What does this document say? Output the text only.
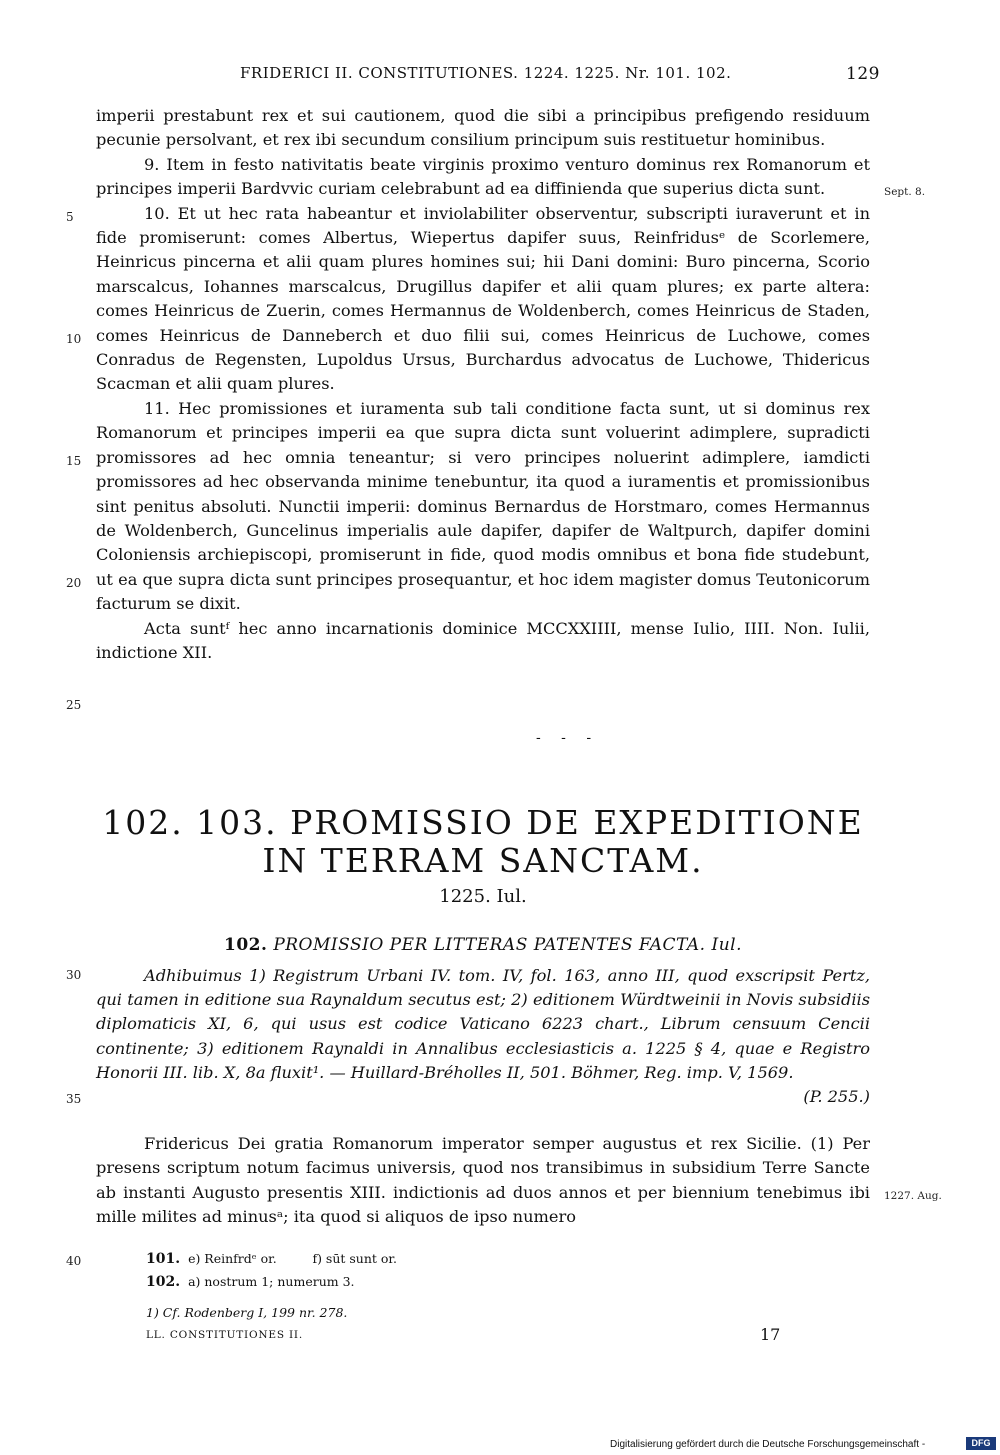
FRIDERICI II. CONSTITUTIONES. 1224. 1225. Nr. 101. 102.	129

imperii prestabunt rex et sui cautionem, quod die sibi a principibus prefigendo residuum pecunie persolvant, et rex ibi secundum consilium principum suis restituetur hominibus.

9. Item in festo nativitatis beate virginis proximo venturo dominus rex Romanorum et principes imperii Bardvvic curiam celebrabunt ad ea diffinienda que superius dicta sunt.

10. Et ut hec rata habeantur et inviolabiliter observentur, subscripti iuraverunt et in fide promiserunt: comes Albertus, Wiepertus dapifer suus, Reinfridusᵉ de Scorlemere, Heinricus pincerna et alii quam plures homines sui; hii Dani domini: Buro pincerna, Scorio marscalcus, Iohannes marscalcus, Drugillus dapifer et alii quam plures; ex parte altera: comes Heinricus de Zuerin, comes Hermannus de Woldenberch, comes Heinricus de Staden, comes Heinricus de Danneberch et duo filii sui, comes Heinricus de Luchowe, comes Conradus de Regensten, Lupoldus Ursus, Burchardus advocatus de Luchowe, Thidericus Scacman et alii quam plures.

11. Hec promissiones et iuramenta sub tali conditione facta sunt, ut si dominus rex Romanorum et principes imperii ea que supra dicta sunt voluerint adimplere, supradicti promissores ad hec omnia teneantur; si vero principes noluerint adimplere, iamdicti promissores ad hec observanda minime tenebuntur, ita quod a iuramentis et promissionibus sint penitus absoluti. Nunctii imperii: dominus Bernardus de Horstmaro, comes Hermannus de Woldenberch, Guncelinus imperialis aule dapifer, dapifer de Waltpurch, dapifer domini Coloniensis archiepiscopi, promiserunt in fide, quod modis omnibus et bona fide studebunt, ut ea que supra dicta sunt principes prosequantur, et hoc idem magister domus Teutonicorum facturum se dixit.

Acta suntᶠ hec anno incarnationis dominice MCCXXIIII, mense Iulio, IIII. Non. Iulii, indictione XII.

5
10
15
20
25
Sept. 8.
- - -
102. 103. PROMISSIO DE EXPEDITIONE
IN TERRAM SANCTAM.
1225. Iul.
102. PROMISSIO PER LITTERAS PATENTES FACTA. Iul.

Adhibuimus 1) Registrum Urbani IV. tom. IV, fol. 163, anno III, quod exscripsit Pertz, qui tamen in editione sua Raynaldum secutus est; 2) editionem Würdtweinii in Novis subsidiis diplomaticis XI, 6, qui usus est codice Vaticano 6223 chart., Librum censuum Cencii continente; 3) editionem Raynaldi in Annalibus ecclesiasticis a. 1225 § 4, quae e Registro Honorii III. lib. X, 8a fluxit¹. — Huillard-Bréholles II, 501. Böhmer, Reg. imp. V, 1569.
(P. 255.)

30
35

Fridericus Dei gratia Romanorum imperator semper augustus et rex Sicilie. (1) Per presens scriptum notum facimus universis, quod nos transibimus in subsidium Terre Sancte ab instanti Augusto presentis XIII. indictionis ad duos annos et per biennium tenebimus ibi mille milites ad minusᵃ; ita quod si aliquos de ipso numero

1227. Aug.
40	101. e) Reinfrdᵉ or.	f) sūt sunt or.
102. a) nostrum 1; numerum 3.
1) Cf. Rodenberg I, 199 nr. 278.
LL. CONSTITUTIONES II.	17
Digitalisierung gefördert durch die Deutsche Forschungsgemeinschaft -	DFG
